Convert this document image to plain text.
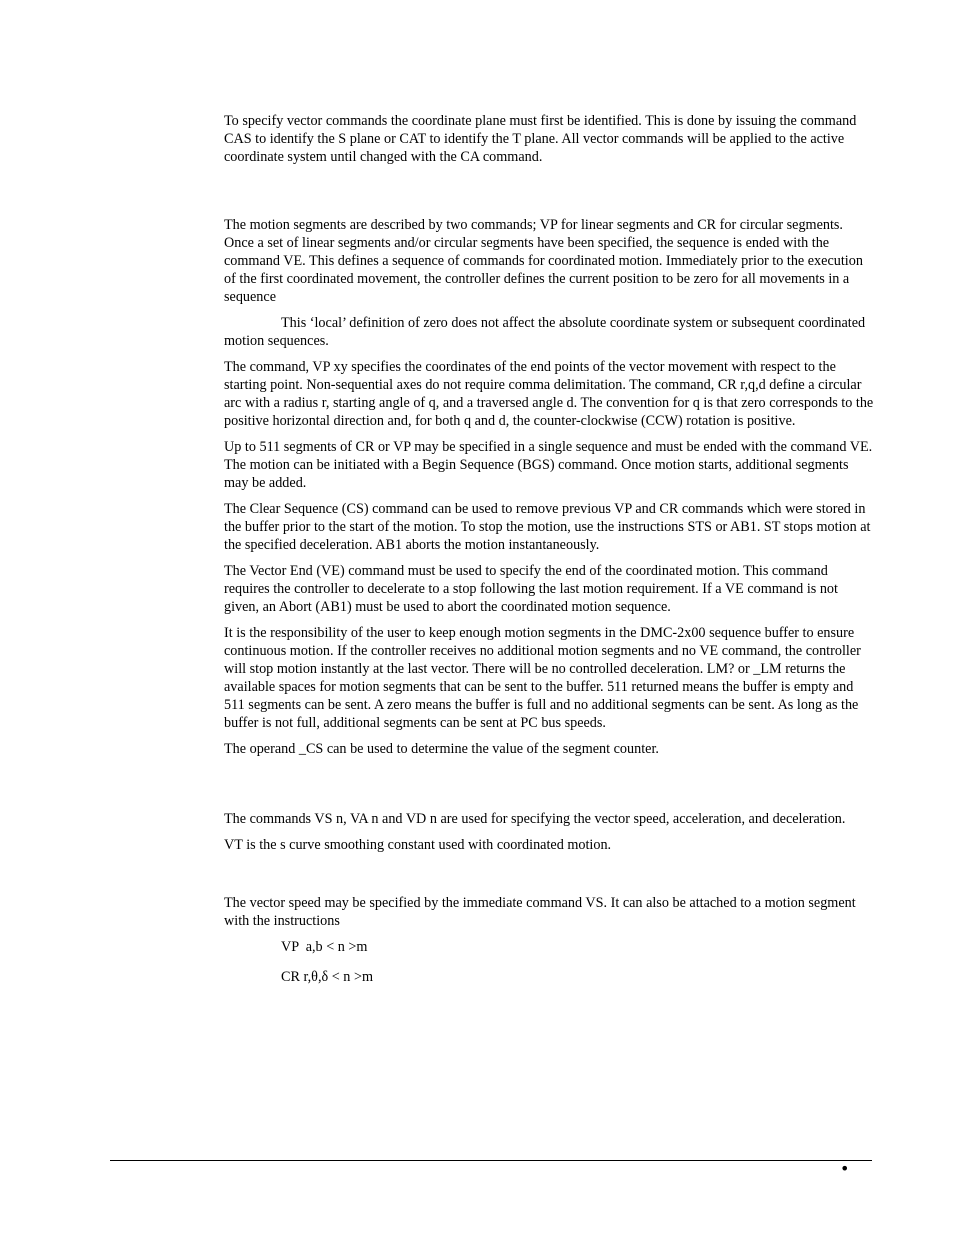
To specify vector commands the coordinate plane must first be identified. This is done by issuing the command CAS to identify the S plane or CAT to identify the T plane. All vector commands will be applied to the active coordinate system until changed with the CA command.

The motion segments are described by two commands; VP for linear segments and CR for circular segments. Once a set of linear segments and/or circular segments have been specified, the sequence is ended with the command VE. This defines a sequence of commands for coordinated motion. Immediately prior to the execution of the first coordinated movement, the controller defines the current position to be zero for all movements in a sequence

This ‘local’ definition of zero does not affect the absolute coordinate system or subsequent coordinated motion sequences.

The command, VP xy specifies the coordinates of the end points of the vector movement with respect to the starting point. Non-sequential axes do not require comma delimitation. The command, CR r,q,d define a circular arc with a radius r, starting angle of q, and a traversed angle d. The convention for q is that zero corresponds to the positive horizontal direction and, for both q and d, the counter-clockwise (CCW) rotation is positive.

Up to 511 segments of CR or VP may be specified in a single sequence and must be ended with the command VE. The motion can be initiated with a Begin Sequence (BGS) command. Once motion starts, additional segments may be added.

The Clear Sequence (CS) command can be used to remove previous VP and CR commands which were stored in the buffer prior to the start of the motion. To stop the motion, use the instructions STS or AB1. ST stops motion at the specified deceleration. AB1 aborts the motion instantaneously.

The Vector End (VE) command must be used to specify the end of the coordinated motion. This command requires the controller to decelerate to a stop following the last motion requirement. If a VE command is not given, an Abort (AB1) must be used to abort the coordinated motion sequence.

It is the responsibility of the user to keep enough motion segments in the DMC-2x00 sequence buffer to ensure continuous motion. If the controller receives no additional motion segments and no VE command, the controller will stop motion instantly at the last vector. There will be no controlled deceleration. LM? or _LM returns the available spaces for motion segments that can be sent to the buffer. 511 returned means the buffer is empty and 511 segments can be sent. A zero means the buffer is full and no additional segments can be sent. As long as the buffer is not full, additional segments can be sent at PC bus speeds.

The operand _CS can be used to determine the value of the segment counter.

The commands VS n, VA n and VD n are used for specifying the vector speed, acceleration, and deceleration.

VT is the s curve smoothing constant used with coordinated motion.

The vector speed may be specified by the immediate command VS. It can also be attached to a motion segment with the instructions

VP  a,b < n >m

CR r,θ,δ < n >m

•
